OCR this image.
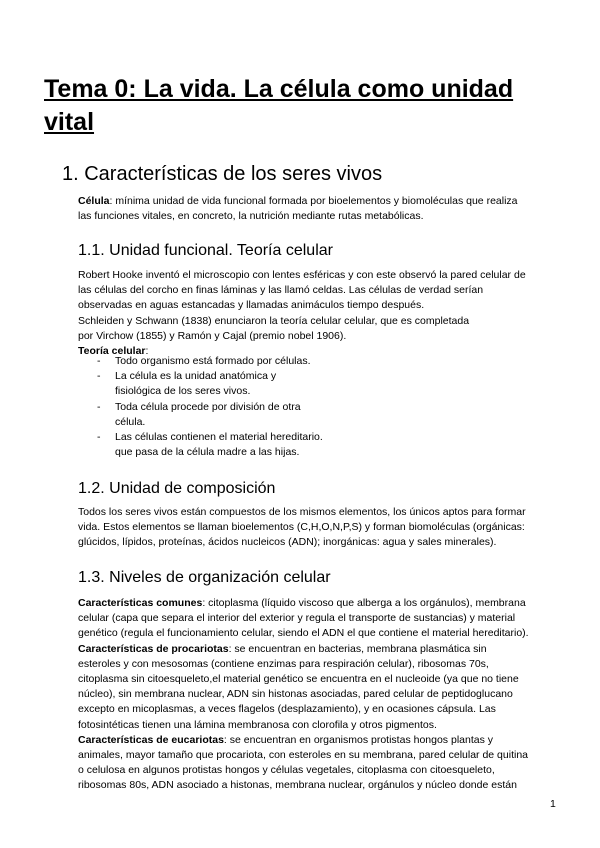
Tema 0: La vida. La célula como unidad
vital
1. Características de los seres vivos

Célula: mínima unidad de vida funcional formada por bioelementos y biomoléculas que realiza
las funciones vitales, en concreto, la nutrición mediante rutas metabólicas.

1.1. Unidad funcional. Teoría celular

Robert Hooke inventó el microscopio con lentes esféricas y con este observó la pared celular de
las células del corcho en finas láminas y las llamó celdas. Las células de verdad serían
observadas en aguas estancadas y llamadas animáculos tiempo después.
Schleiden y Schwann (1838) enunciaron la teoría celular celular, que es completada
por Virchow (1855) y Ramón y Cajal (premio nobel 1906).
Teoría celular:

- Todo organismo está formado por células.
- La célula es la unidad anatómica y
fisiológica de los seres vivos.
- Toda célula procede por división de otra
célula.
- Las células contienen el material hereditario.
que pasa de la célula madre a las hijas.
1.2. Unidad de composición

Todos los seres vivos están compuestos de los mismos elementos, los únicos aptos para formar
vida. Estos elementos se llaman bioelementos (C,H,O,N,P,S) y forman biomoléculas (orgánicas:
glúcidos, lípidos, proteínas, ácidos nucleicos (ADN); inorgánicas: agua y sales minerales).

1.3. Niveles de organización celular

Características comunes: citoplasma (líquido viscoso que alberga a los orgánulos), membrana
celular (capa que separa el interior del exterior y regula el transporte de sustancias) y material
genético (regula el funcionamiento celular, siendo el ADN el que contiene el material hereditario).
Características de procariotas: se encuentran en bacterias, membrana plasmática sin
esteroles y con mesosomas (contiene enzimas para respiración celular), ribosomas 70s,
citoplasma sin citoesqueleto,el material genético se encuentra en el nucleoide (ya que no tiene
núcleo), sin membrana nuclear, ADN sin histonas asociadas, pared celular de peptidoglucano
excepto en micoplasmas, a veces flagelos (desplazamiento), y en ocasiones cápsula. Las
fotosintéticas tienen una lámina membranosa con clorofila y otros pigmentos.
Características de eucariotas: se encuentran en organismos protistas hongos plantas y
animales, mayor tamaño que procariota, con esteroles en su membrana, pared celular de quitina
o celulosa en algunos protistas hongos y células vegetales, citoplasma con citoesqueleto,
ribosomas 80s, ADN asociado a histonas, membrana nuclear, orgánulos y núcleo donde están

1
